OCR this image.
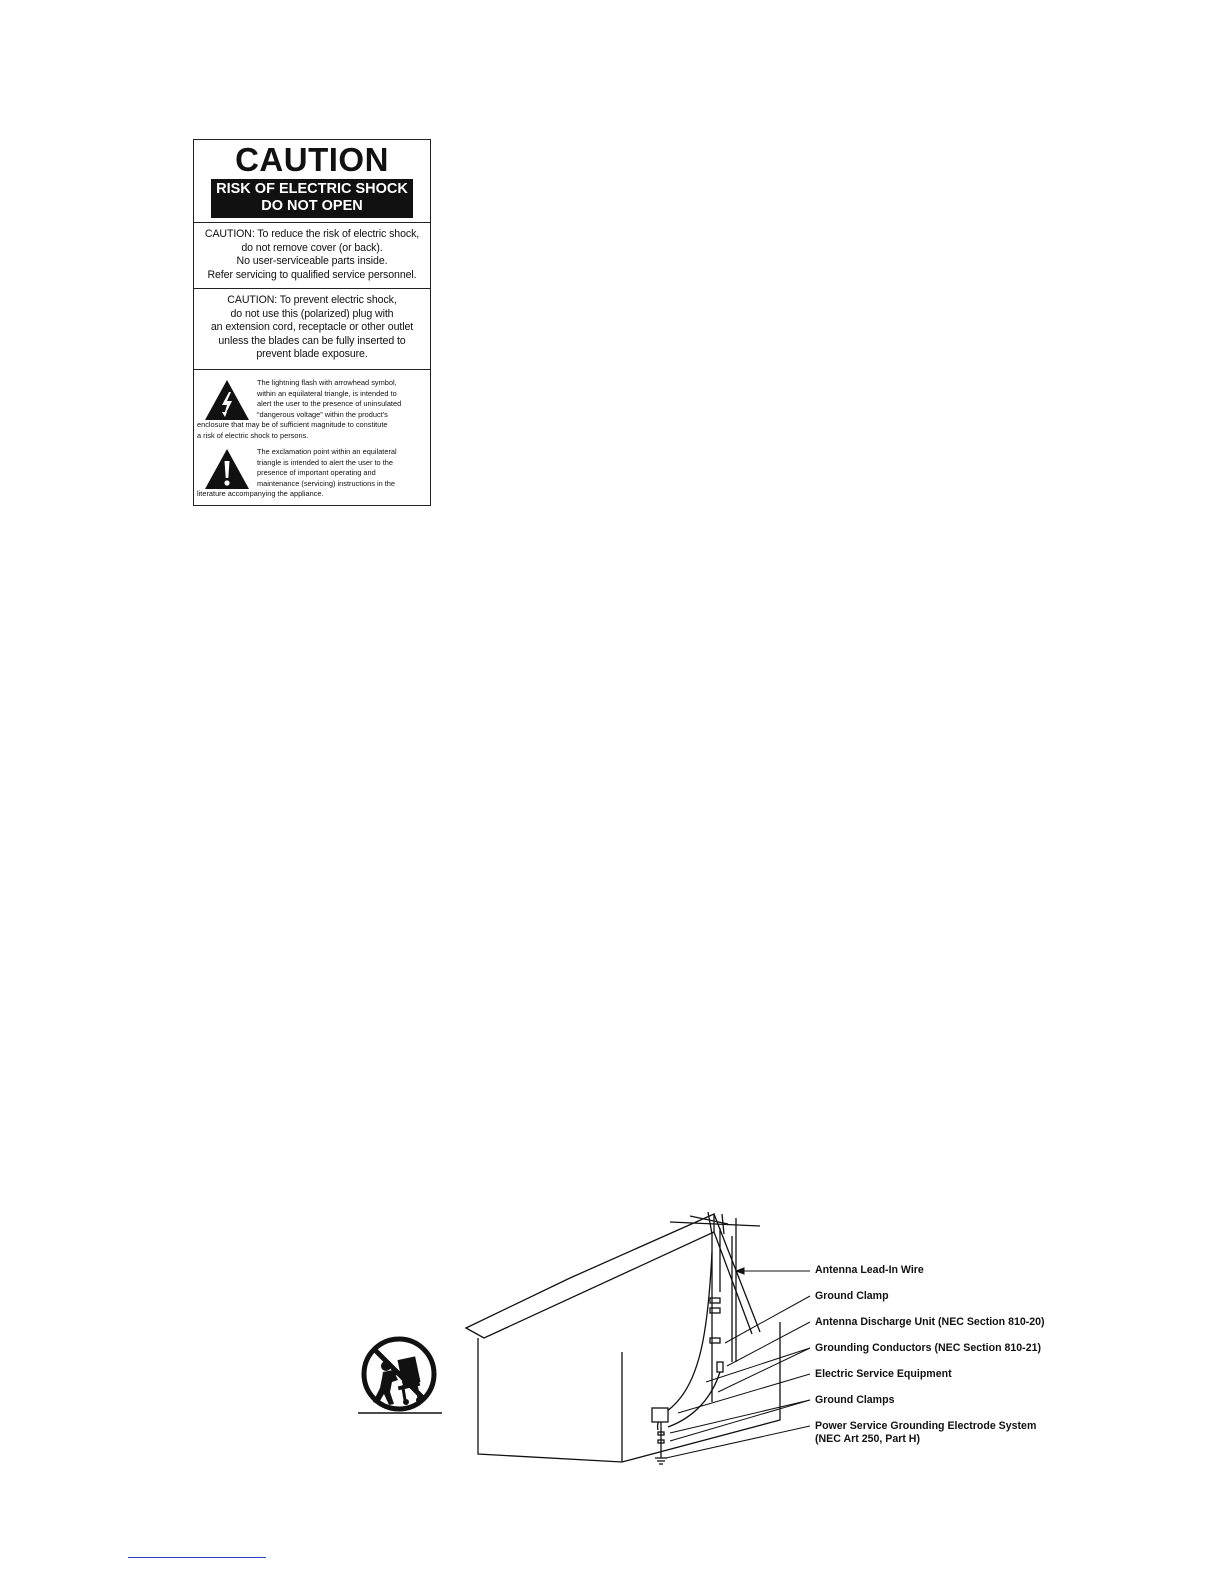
CAUTION
RISK OF ELECTRIC SHOCK
DO NOT OPEN
CAUTION: To reduce the risk of electric shock,
do not remove cover (or back).
No user-serviceable parts inside.
Refer servicing to qualified service personnel.
CAUTION: To prevent electric shock,
do not use this (polarized) plug with
an extension cord, receptacle or other outlet
unless the blades can be fully inserted to
prevent blade exposure.
The lightning flash with arrowhead symbol,
within an equilateral triangle, is intended to
alert the user to the presence of uninsulated
“dangerous voltage” within the product's
enclosure that may be of sufficient magnitude to constitute
a risk of electric shock to persons.
The exclamation point within an equilateral
triangle is intended to alert the user to the
presence of important operating and
maintenance (servicing) instructions in the
literature accompanying the appliance.
Antenna Lead-In Wire
Ground Clamp
Antenna Discharge Unit (NEC Section 810-20)
Grounding Conductors (NEC Section 810-21)
Electric Service Equipment
Ground Clamps
Power Service Grounding Electrode System
(NEC Art 250, Part H)
